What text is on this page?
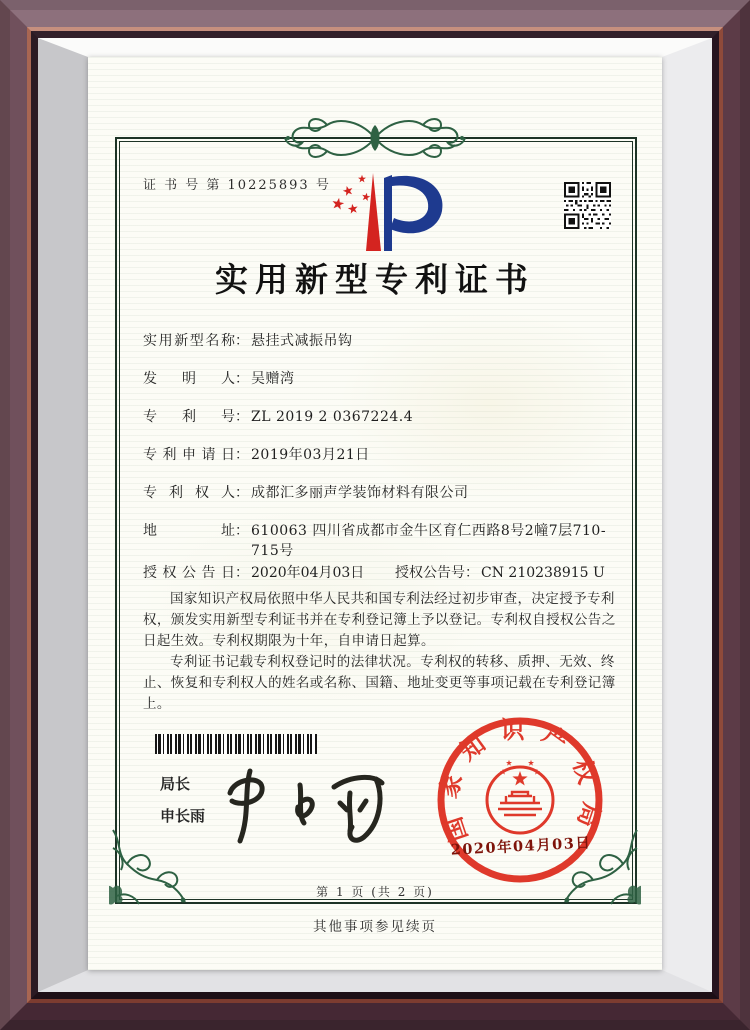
证 书 号 第 10225893 号
实用新型专利证书
实用新型名称 ： 悬挂式减振吊钩
发明人 ： 吴赠湾
专利号 ： ZL 2019 2 0367224.4
专利申请日 ： 2019年03月21日
专利权人 ： 成都汇多丽声学装饰材料有限公司
地址 ： 610063 四川省成都市金牛区育仁西路8号2幢7层710-715号
授权公告日 ： 2020年04月03日 授权公告号 ： CN 210238915 U

国家知识产权局依照中华人民共和国专利法经过初步审查，决定授予专利权，颁发实用新型专利证书并在专利登记簿上予以登记。专利权自授权公告之日起生效。专利权期限为十年，自申请日起算。

专利证书记载专利权登记时的法律状况。专利权的转移、质押、无效、终止、恢复和专利权人的姓名或名称、国籍、地址变更等事项记载在专利登记簿上。

局长
申长雨	国家知识产权局
2020年04月03日
第 1 页 (共 2 页)
其他事项参见续页
